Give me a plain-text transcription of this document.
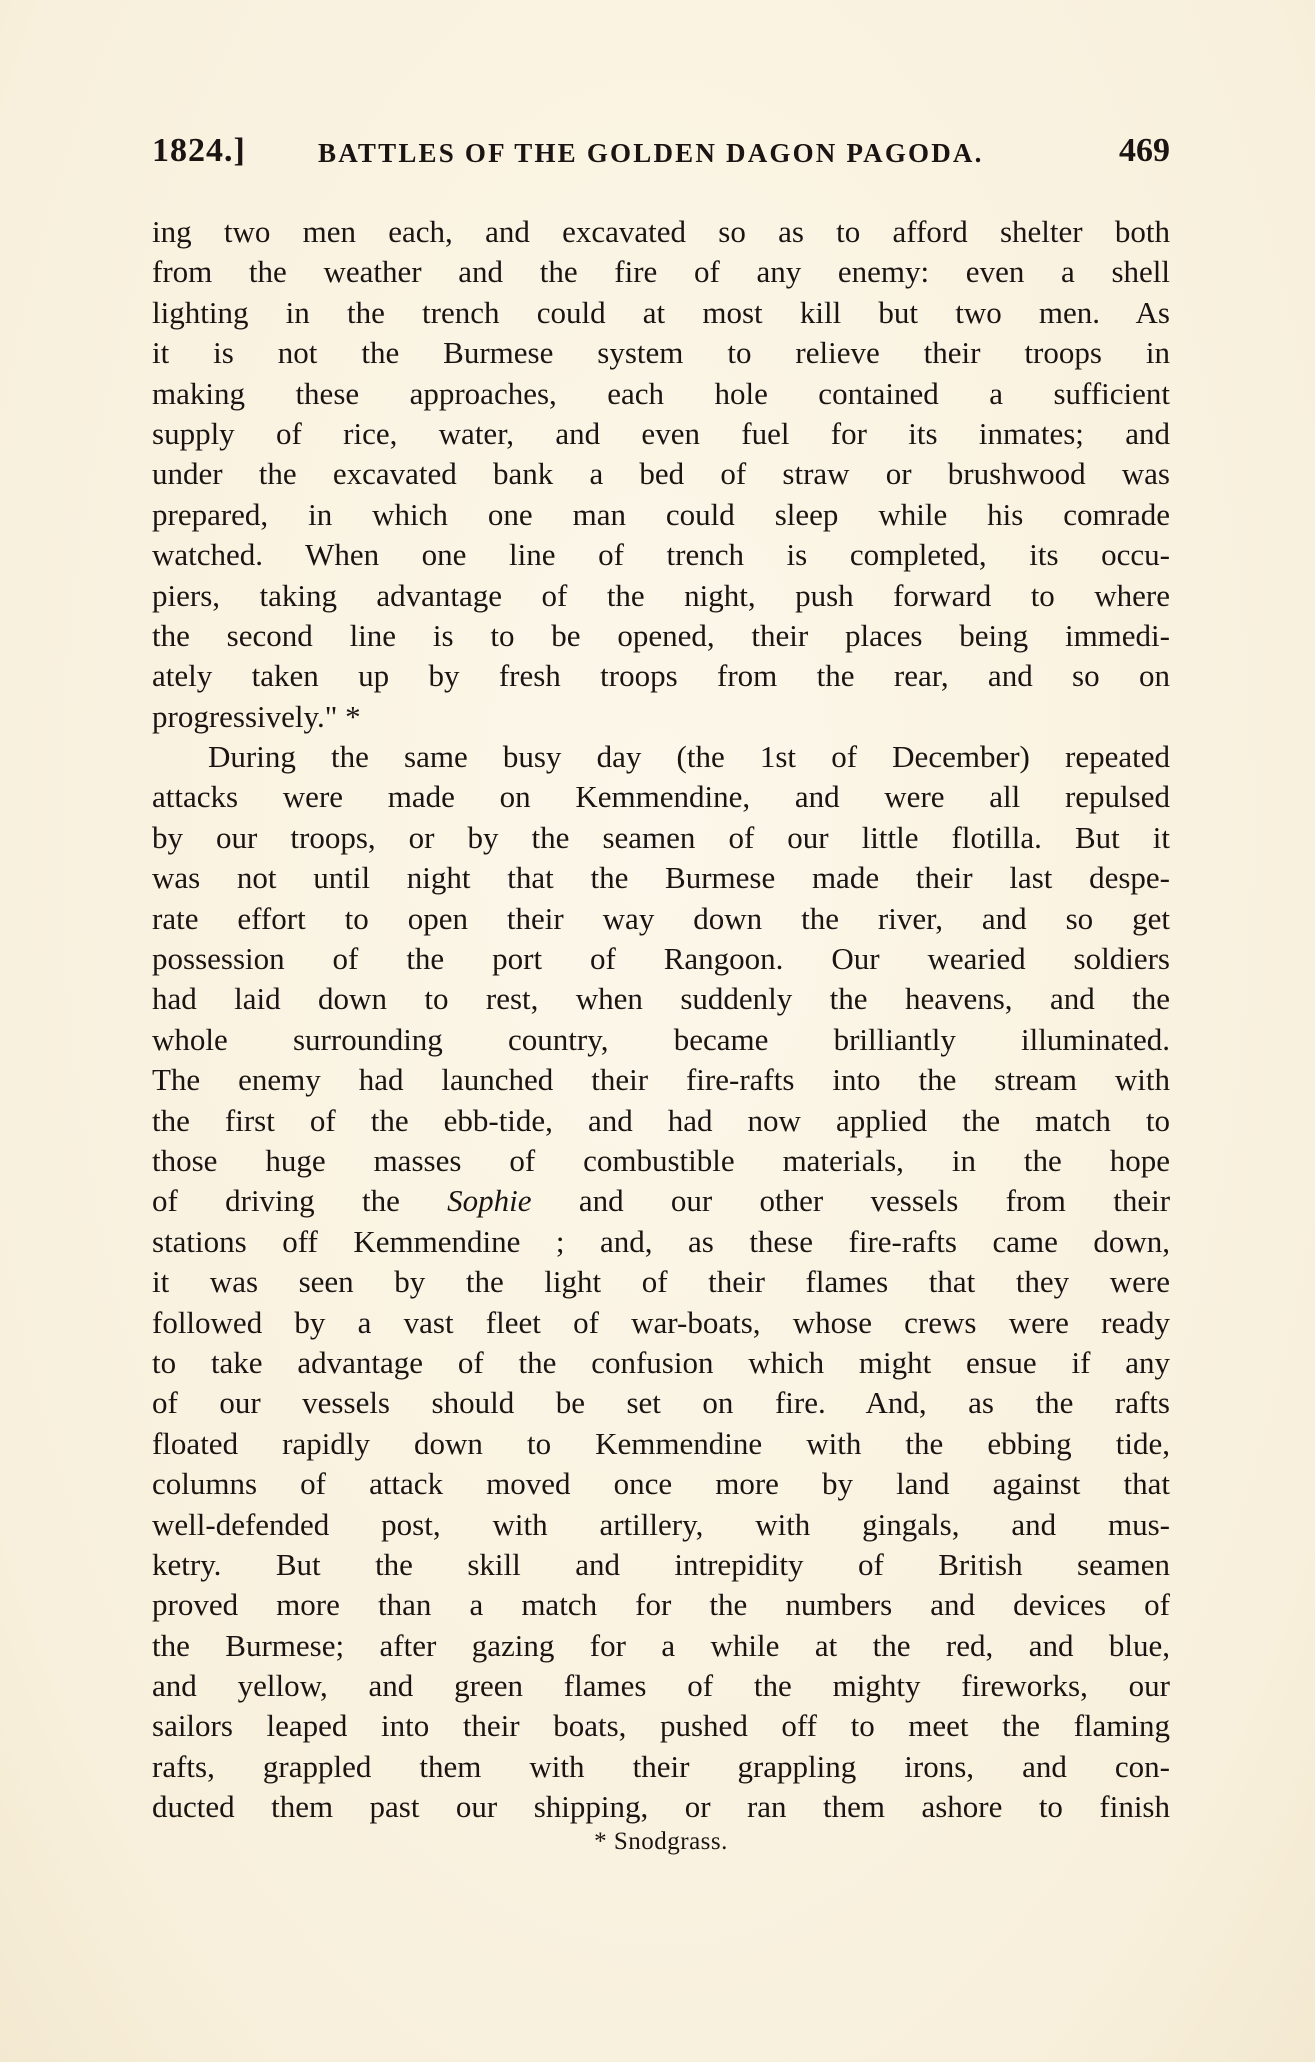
1824.]	BATTLES OF THE GOLDEN DAGON PAGODA.	469
ing two men each, and excavated so as to afford shelter both
from the weather and the fire of any enemy: even a shell
lighting in the trench could at most kill but two men. As
it is not the Burmese system to relieve their troops in
making these approaches, each hole contained a sufficient
supply of rice, water, and even fuel for its inmates; and
under the excavated bank a bed of straw or brushwood was
prepared, in which one man could sleep while his comrade
watched. When one line of trench is completed, its occu-
piers, taking advantage of the night, push forward to where
the second line is to be opened, their places being immedi-
ately taken up by fresh troops from the rear, and so on
progressively." *
During the same busy day (the 1st of December) repeated
attacks were made on Kemmendine, and were all repulsed
by our troops, or by the seamen of our little flotilla. But it
was not until night that the Burmese made their last despe-
rate effort to open their way down the river, and so get
possession of the port of Rangoon. Our wearied soldiers
had laid down to rest, when suddenly the heavens, and the
whole surrounding country, became brilliantly illuminated.
The enemy had launched their fire-rafts into the stream with
the first of the ebb-tide, and had now applied the match to
those huge masses of combustible materials, in the hope
of driving the Sophie and our other vessels from their
stations off Kemmendine ; and, as these fire-rafts came down,
it was seen by the light of their flames that they were
followed by a vast fleet of war-boats, whose crews were ready
to take advantage of the confusion which might ensue if any
of our vessels should be set on fire. And, as the rafts
floated rapidly down to Kemmendine with the ebbing tide,
columns of attack moved once more by land against that
well-defended post, with artillery, with gingals, and mus-
ketry. But the skill and intrepidity of British seamen
proved more than a match for the numbers and devices of
the Burmese; after gazing for a while at the red, and blue,
and yellow, and green flames of the mighty fireworks, our
sailors leaped into their boats, pushed off to meet the flaming
rafts, grappled them with their grappling irons, and con-
ducted them past our shipping, or ran them ashore to finish
* Snodgrass.
